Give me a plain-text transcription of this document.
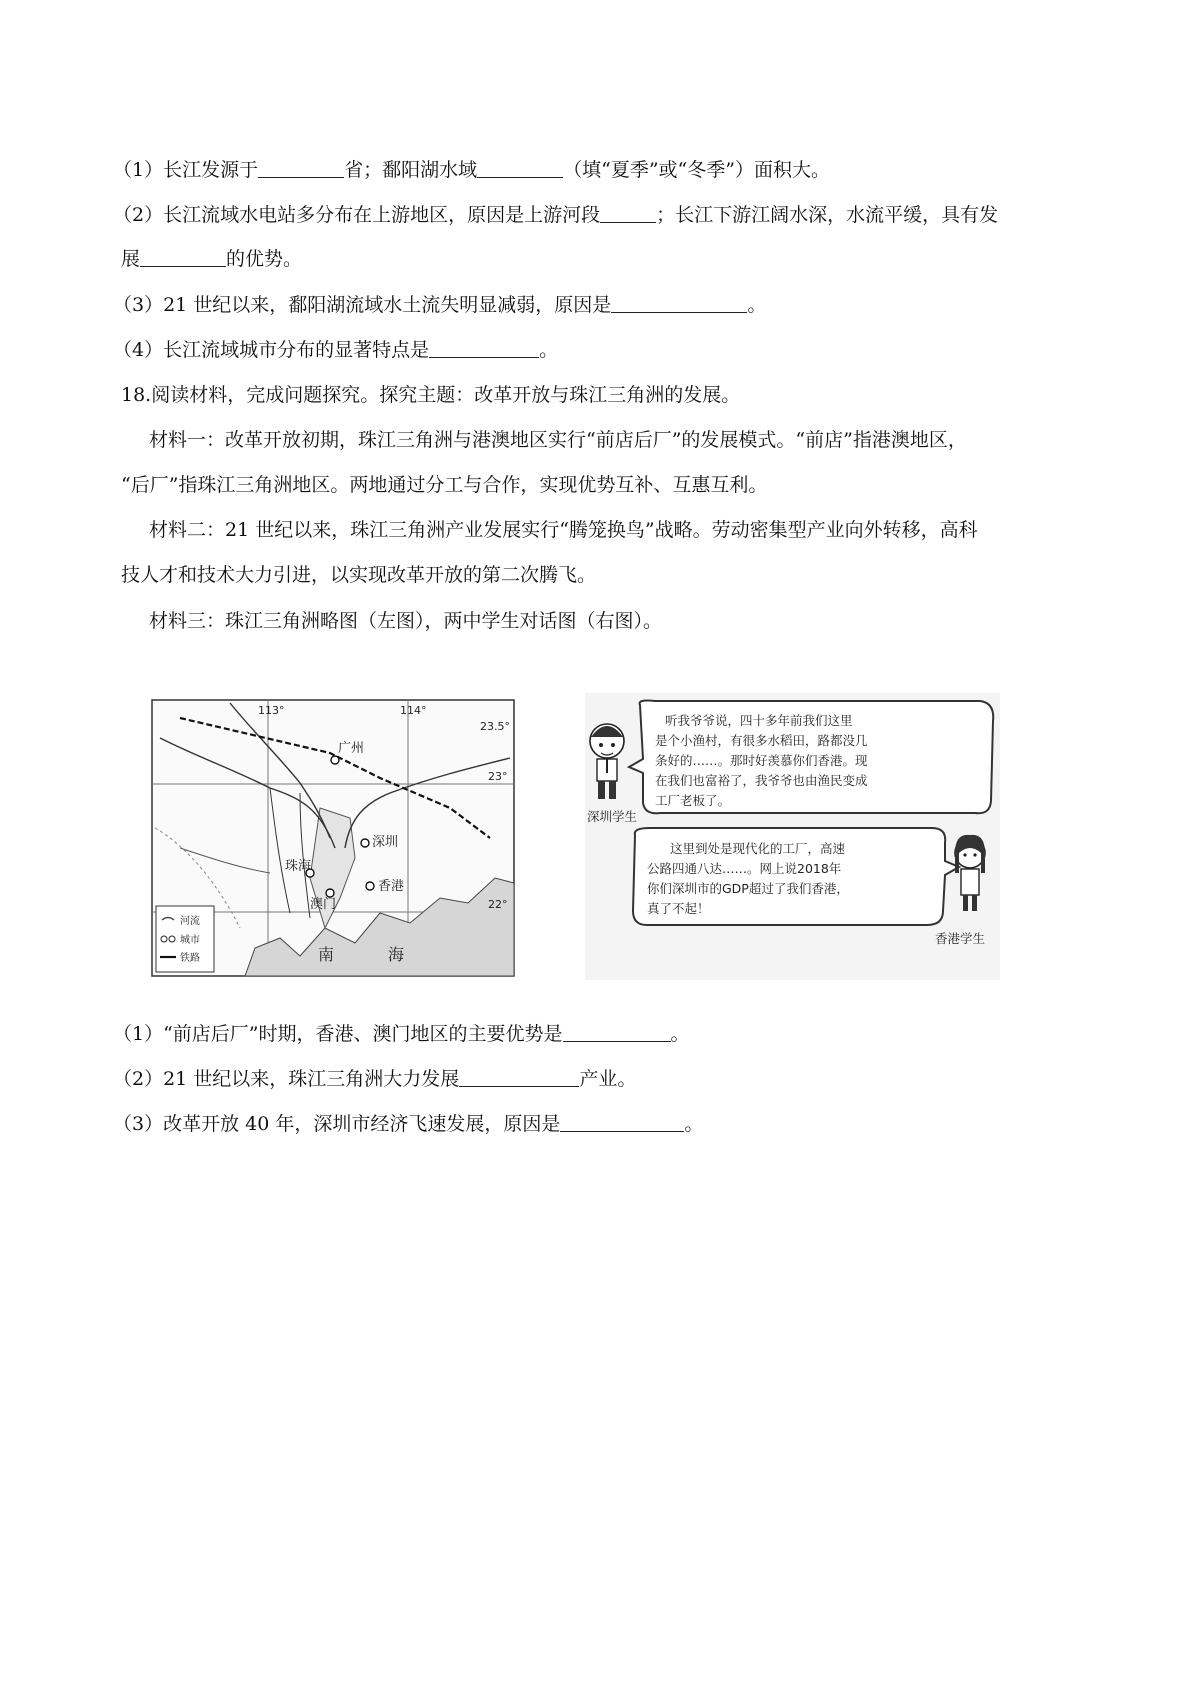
（1）长江发源于	省；鄱阳湖水域	（填“夏季”或“冬季”）面积大。
（2）长江流域水电站多分布在上游地区，原因是上游河段	；长江下游江阔水深，水流平缓，具有发
展	的优势。
（3）21 世纪以来，鄱阳湖流域水土流失明显减弱，原因是	。
（4）长江流域城市分布的显著特点是	。
18.阅读材料，完成问题探究。探究主题：改革开放与珠江三角洲的发展。
材料一：改革开放初期，珠江三角洲与港澳地区实行“前店后厂”的发展模式。“前店”指港澳地区，
“后厂”指珠江三角洲地区。两地通过分工与合作，实现优势互补、互惠互利。
材料二：21 世纪以来，珠江三角洲产业发展实行“腾笼换鸟”战略。劳动密集型产业向外转移，高科
技人才和技术大力引进，以实现改革开放的第二次腾飞。
材料三：珠江三角洲略图（左图），两中学生对话图（右图）。
113°	114°
23.5°
23°
22°
广州
深圳
珠海
澳门
香港
南	海
河流
城市
铁路
听我爷爷说，四十多年前我们这里
是个小渔村，有很多水稻田，路都没几
条好的……。那时好羡慕你们香港。现
在我们也富裕了，我爷爷也由渔民变成
工厂老板了。
深圳学生
这里到处是现代化的工厂，高速
公路四通八达……。网上说2018年
你们深圳市的GDP超过了我们香港，
真了不起！
香港学生
（1）“前店后厂”时期，香港、澳门地区的主要优势是	。
（2）21 世纪以来，珠江三角洲大力发展	产业。
（3）改革开放 40 年，深圳市经济飞速发展，原因是	。
